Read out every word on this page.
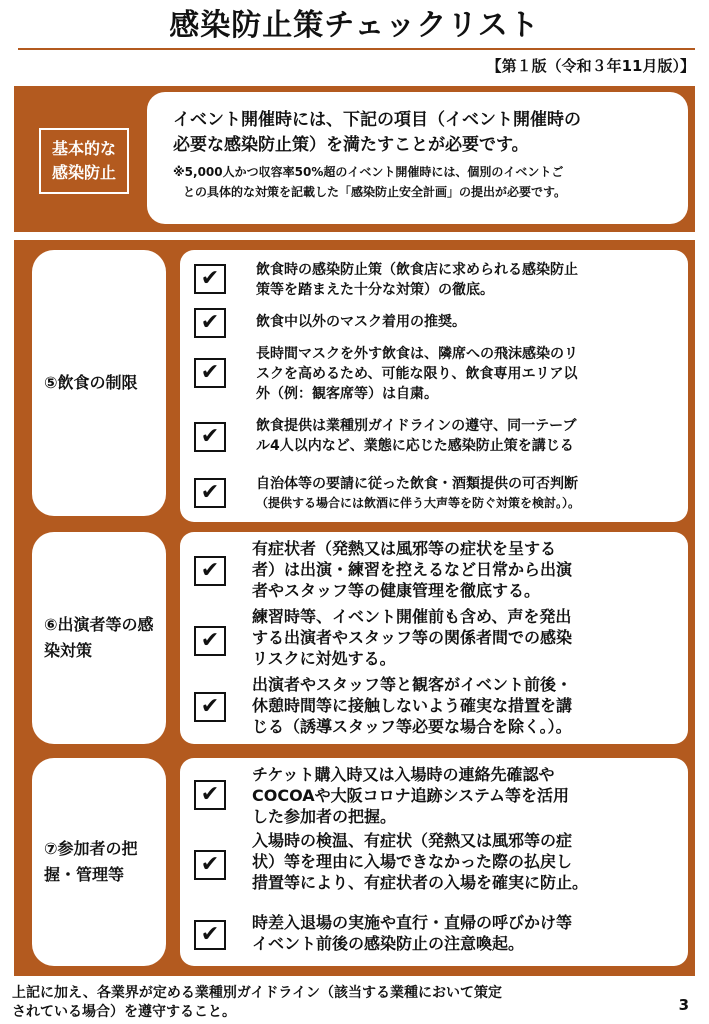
感染防止策チェックリスト
【第１版（令和３年11月版）】
基本的な
感染防止
イベント開催時には、下記の項目（イベント開催時の
必要な感染防止策）を満たすことが必要です。
※5,000人かつ収容率50%超のイベント開催時には、個別のイベントご
との具体的な対策を記載した「感染防止安全計画」の提出が必要です。
⑤飲食の制限
✔	飲食時の感染防止策（飲食店に求められる感染防止
策等を踏まえた十分な対策）の徹底。
✔	飲食中以外のマスク着用の推奨。
✔
長時間マスクを外す飲食は、隣席への飛沫感染のリ
スクを高めるため、可能な限り、飲食専用エリア以
外（例：観客席等）は自粛。
✔	飲食提供は業種別ガイドラインの遵守、同一テーブ
ル4人以内など、業態に応じた感染防止策を講じる
✔	自治体等の要請に従った飲食・酒類提供の可否判断
（提供する場合には飲酒に伴う大声等を防ぐ対策を検討。）。
⑥出演者等の感染対策
✔
有症状者（発熱又は風邪等の症状を呈する
者）は出演・練習を控えるなど日常から出演
者やスタッフ等の健康管理を徹底する。
✔
練習時等、イベント開催前も含め、声を発出
する出演者やスタッフ等の関係者間での感染
リスクに対処する。
✔
出演者やスタッフ等と観客がイベント前後・
休憩時間等に接触しないよう確実な措置を講
じる（誘導スタッフ等必要な場合を除く。）。
⑦参加者の把握・管理等
✔
チケット購入時又は入場時の連絡先確認や
COCOAや大阪コロナ追跡システム等を活用
した参加者の把握。
✔
入場時の検温、有症状（発熱又は風邪等の症
状）等を理由に入場できなかった際の払戻し
措置等により、有症状者の入場を確実に防止。
✔	時差入退場の実施や直行・直帰の呼びかけ等
イベント前後の感染防止の注意喚起。
上記に加え、各業界が定める業種別ガイドライン（該当する業種において策定
されている場合）を遵守すること。	3
